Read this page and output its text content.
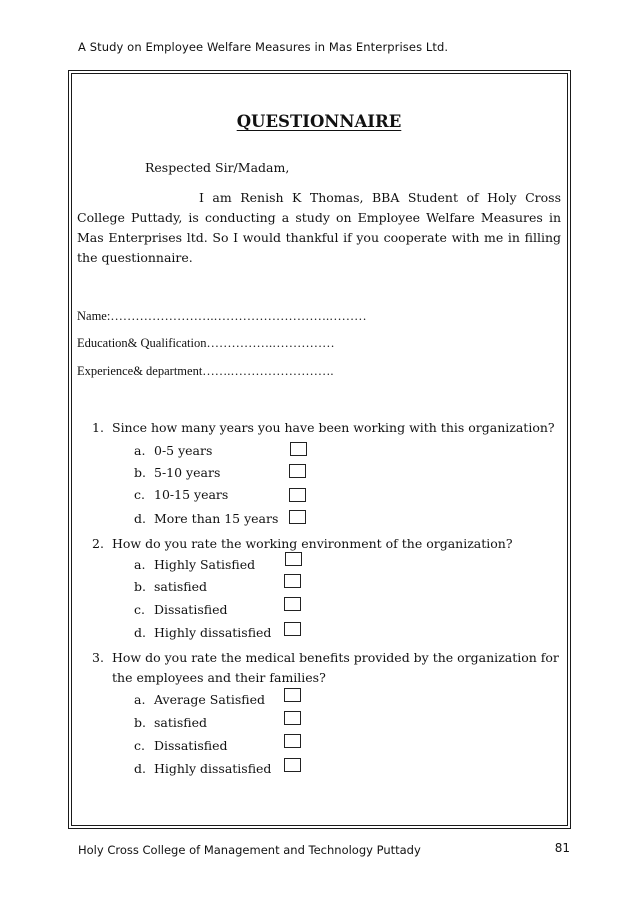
A Study on Employee Welfare Measures in Mas Enterprises Ltd.
QUESTIONNAIRE
Respected Sir/Madam,
I am Renish K Thomas, BBA Student of Holy Cross College Puttady, is conducting a study on Employee Welfare Measures in Mas Enterprises ltd. So I would thankful if you cooperate with me in filling the questionnaire.
Name:…………………….……………………….………
Education& Qualification…………….……………
Experience& department…….…………………….
1. Since how many years you have been working with this organization?
a. 0-5 years
b. 5-10 years
c. 10-15 years
d. More than 15 years
2. How do you rate the working environment of the organization?
a. Highly Satisfied
b. satisfied
c. Dissatisfied
d. Highly dissatisfied
3. How do you rate the medical benefits provided by the organization for
the employees and their families?
a. Average Satisfied
b. satisfied
c. Dissatisfied
d. Highly dissatisfied
Holy Cross College of Management and Technology Puttady	81
